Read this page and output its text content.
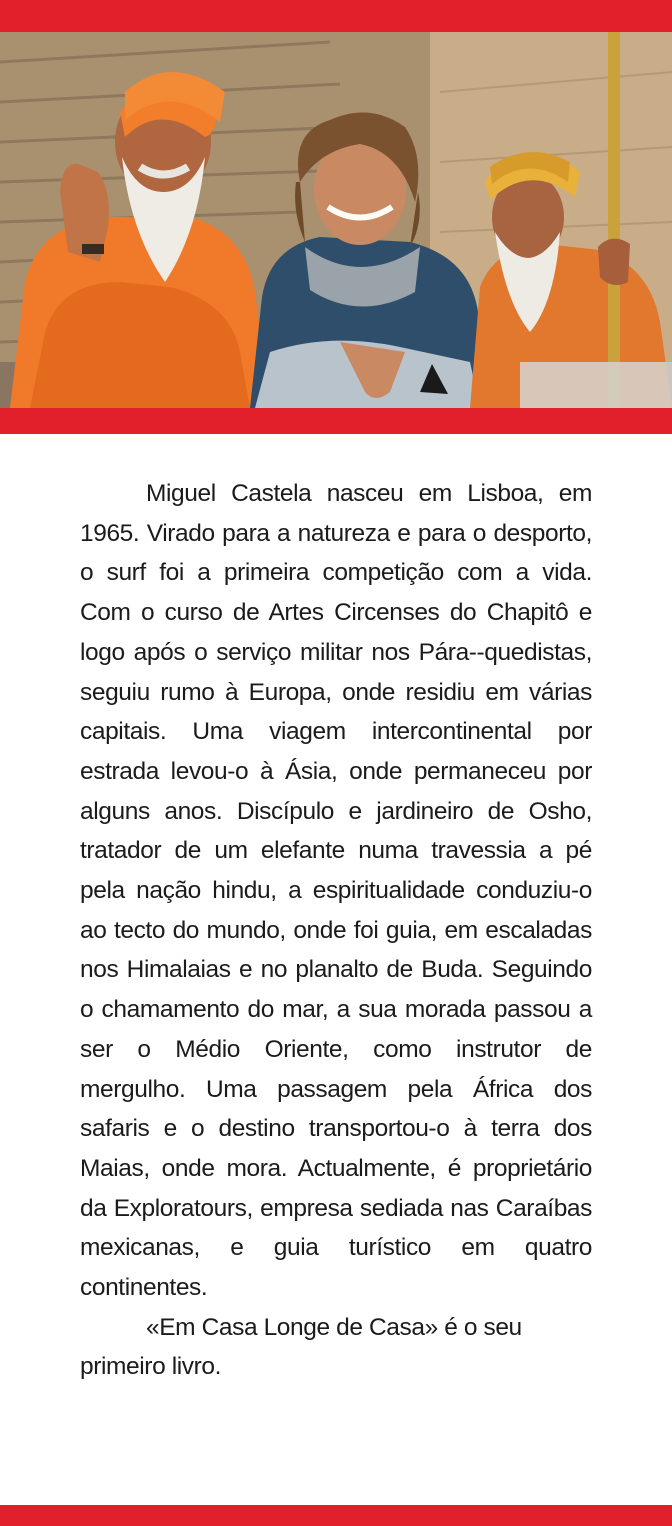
Miguel Castela nasceu em Lisboa, em 1965. Virado para a natureza e para o desporto, o surf foi a primeira competição com a vida. Com o curso de Artes Circenses do Chapitô e logo após o serviço militar nos Pára--quedistas, seguiu rumo à Europa, onde residiu em várias capitais. Uma viagem intercontinental por estrada levou-o à Ásia, onde permaneceu por alguns anos. Discípulo e jardineiro de Osho, tratador de um elefante numa travessia a pé pela nação hindu, a espiritualidade conduziu-o ao tecto do mundo, onde foi guia, em escaladas nos Himalaias e no planalto de Buda. Seguindo o chamamento do mar, a sua morada passou a ser o Médio Oriente, como instrutor de mergulho. Uma passagem pela África dos safaris e o destino transportou-o à terra dos Maias, onde mora. Actualmente, é proprietário da Exploratours, empresa sediada nas Caraíbas mexicanas, e guia turístico em quatro continentes.

«Em Casa Longe de Casa» é o seu primeiro livro.
